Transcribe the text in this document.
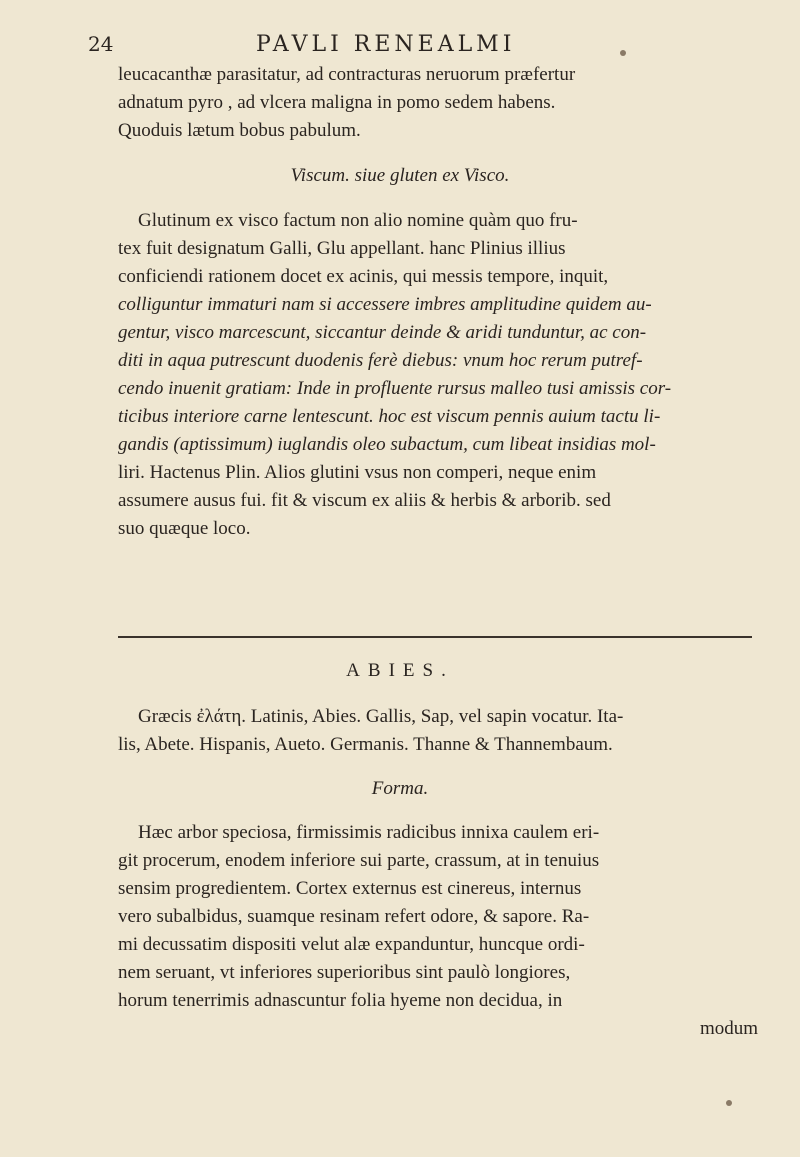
24	PAVLI RENEALMI
leucacanthæ parasitatur, ad contracturas neruorum præfertur
adnatum pyro , ad vlcera maligna in pomo sedem habens.
Quoduis lætum bobus pabulum.
Viscum. siue gluten ex Visco.
Glutinum ex visco factum non alio nomine quàm quo fru-
tex fuit designatum Galli, Glu appellant. hanc Plinius illius
conficiendi rationem docet ex acinis, qui messis tempore, inquit,
colliguntur immaturi nam si accessere imbres amplitudine quidem au-
gentur, visco marcescunt, siccantur deinde & aridi tunduntur, ac con-
diti in aqua putrescunt duodenis ferè diebus: vnum hoc rerum putref-
cendo inuenit gratiam: Inde in profluente rursus malleo tusi amissis cor-
ticibus interiore carne lentescunt. hoc est viscum pennis auium tactu li-
gandis (aptissimum) iuglandis oleo subactum, cum libeat insidias mol-
liri. Hactenus Plin. Alios glutini vsus non comperi, neque enim
assumere ausus fui. fit & viscum ex aliis & herbis & arborib. sed
suo quæque loco.
ABIES.
Græcis ἐλάτη. Latinis, Abies. Gallis, Sap, vel sapin vocatur. Ita-
lis, Abete. Hispanis, Aueto. Germanis. Thanne & Thannembaum.
Forma.
Hæc arbor speciosa, firmissimis radicibus innixa caulem eri-
git procerum, enodem inferiore sui parte, crassum, at in tenuius
sensim progredientem. Cortex externus est cinereus, internus
vero subalbidus, suamque resinam refert odore, & sapore. Ra-
mi decussatim dispositi velut alæ expanduntur, huncque ordi-
nem seruant, vt inferiores superioribus sint paulò longiores,
horum tenerrimis adnascuntur folia hyeme non decidua, in
modum
